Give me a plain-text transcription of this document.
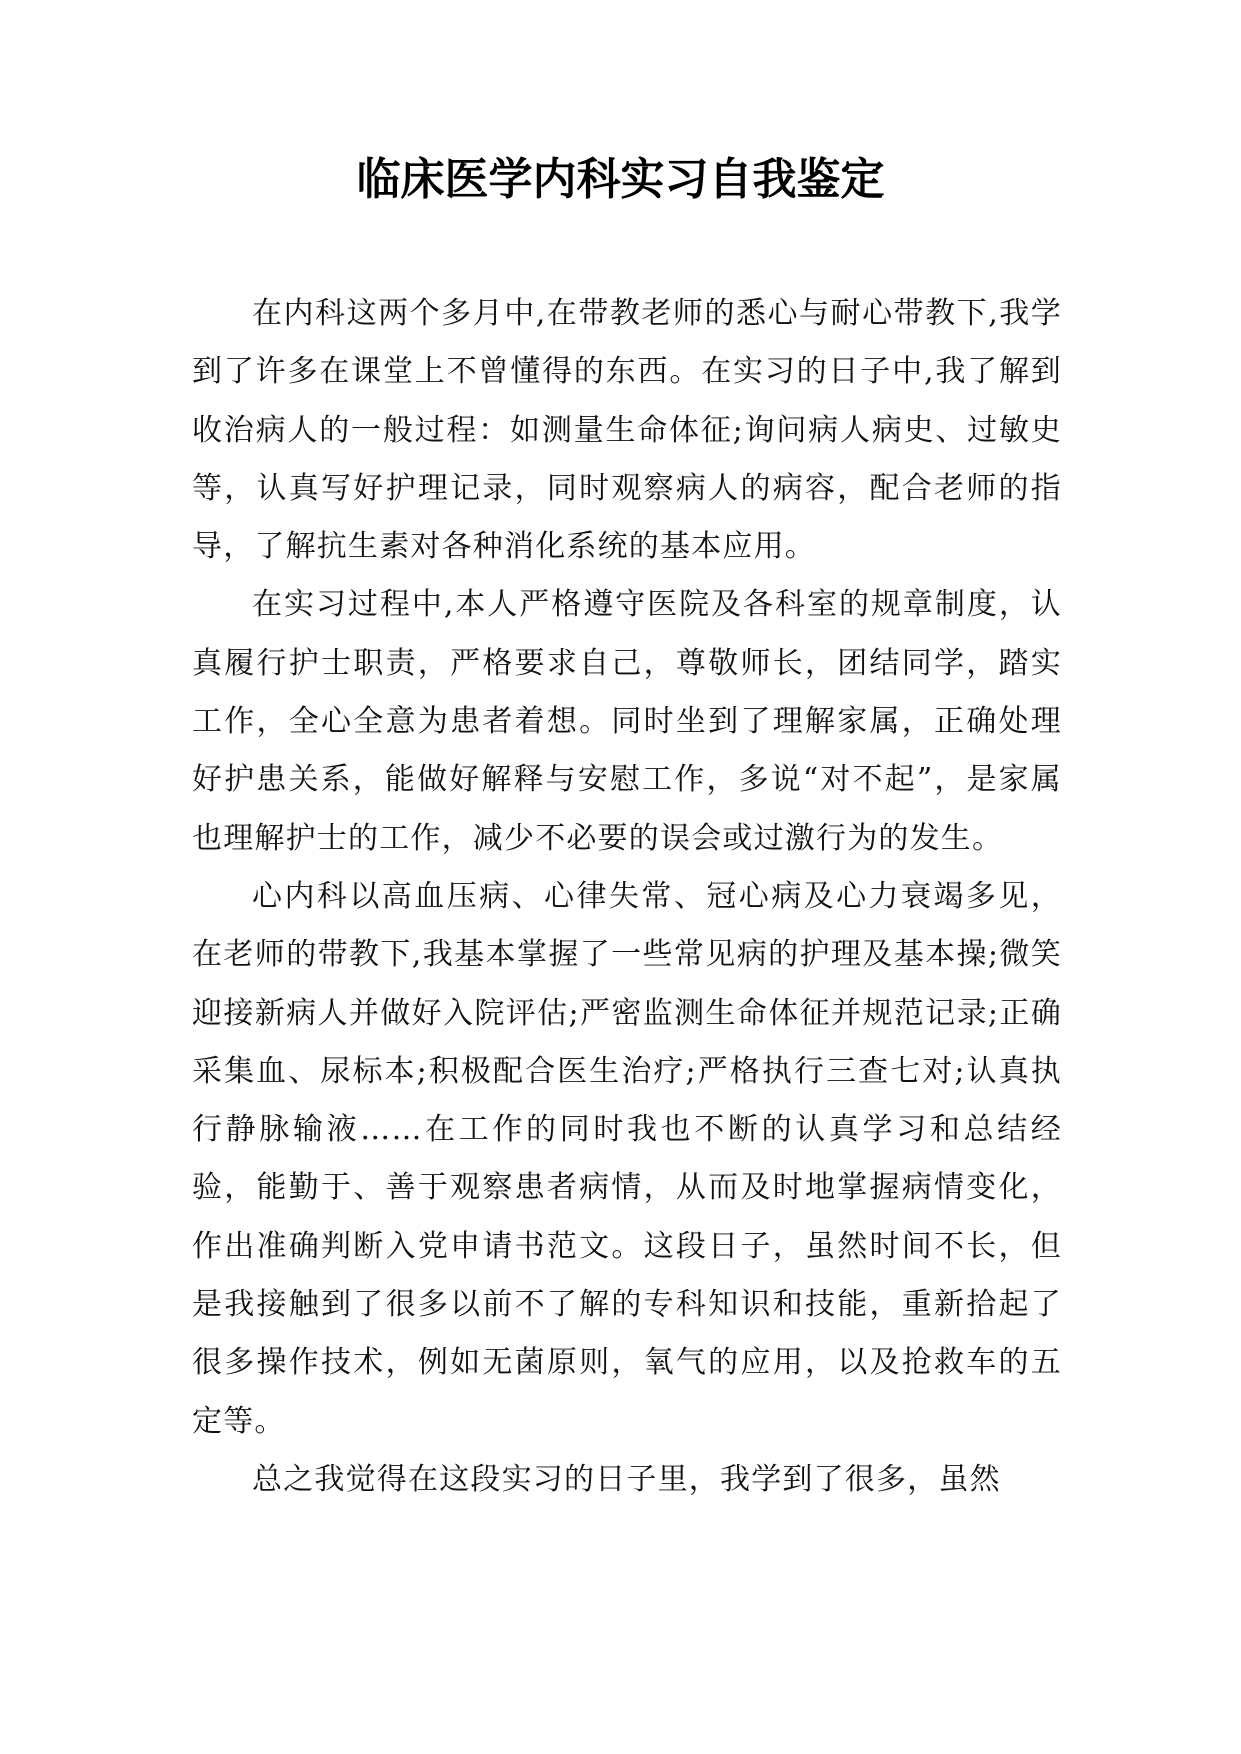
临床医学内科实习自我鉴定

在内科这两个多月中,在带教老师的悉心与耐心带教下,我学到了许多在课堂上不曾懂得的东西。在实习的日子中,我了解到收治病人的一般过程：如测量生命体征;询问病人病史、过敏史等，认真写好护理记录，同时观察病人的病容，配合老师的指导，了解抗生素对各种消化系统的基本应用。

在实习过程中,本人严格遵守医院及各科室的规章制度，认真履行护士职责，严格要求自己，尊敬师长，团结同学，踏实工作，全心全意为患者着想。同时坐到了理解家属，正确处理好护患关系，能做好解释与安慰工作，多说“对不起”，是家属也理解护士的工作，减少不必要的误会或过激行为的发生。

心内科以高血压病、心律失常、冠心病及心力衰竭多见，在老师的带教下,我基本掌握了一些常见病的护理及基本操;微笑迎接新病人并做好入院评估;严密监测生命体征并规范记录;正确采集血、尿标本;积极配合医生治疗;严格执行三查七对;认真执行静脉输液……在工作的同时我也不断的认真学习和总结经验，能勤于、善于观察患者病情，从而及时地掌握病情变化，作出准确判断入党申请书范文。这段日子，虽然时间不长，但是我接触到了很多以前不了解的专科知识和技能，重新拾起了很多操作技术，例如无菌原则，氧气的应用，以及抢救车的五定等。

总之我觉得在这段实习的日子里，我学到了很多，虽然
